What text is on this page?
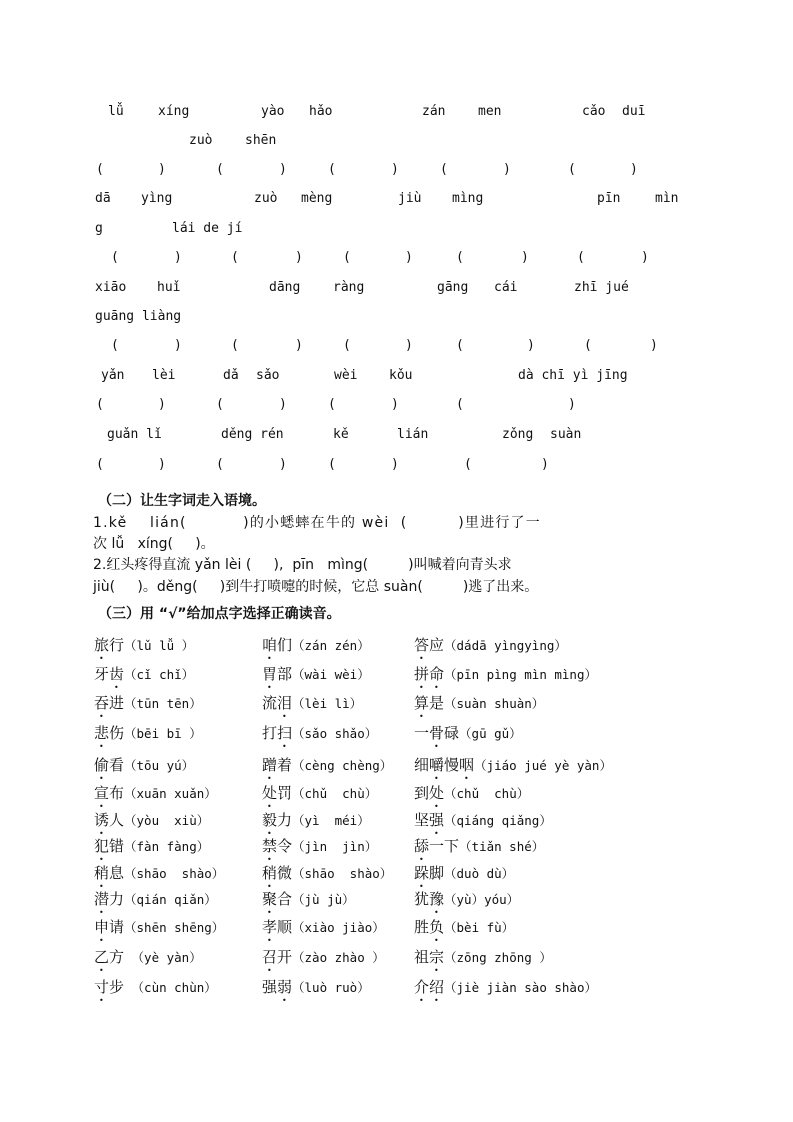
lǚ	xíng	yào hǎo	zán	men	cǎo duī
zuò	shēn
(	)	(	)	(	)	(	)	(	)
dā yìng	zuò mèng	jiù mìng	pīn	mìn
g	lái de jí
(	)	(	)	(	)	(	)	(	)
xiāo huǐ	dāng	ràng	gāng cái	zhī jué
guāng liàng
(	)	(	)	(	)	(	)	(	)
yǎn lèi	dǎ sǎo	wèi kǒu	dà chī yì jīng
(	)	(	)	(	)	(	)
guǎn lǐ	děng rén	kě	lián	zǒng suàn
(	)	(	)	(	)	(	)
（二）让生字词走入语境。
1.kě    lián(          )的小蟋蟀在牛的 wèi  (         )里进行了一
次 lǚ   xíng(     )。
2.红头疼得直流 yǎn lèi (     ),  pīn   mìng(         )叫喊着向青头求
jiù(     )。děng(     )到牛打喷嚏的时候，它总 suàn(         )逃了出来。
（三）用 “√”给加点字选择正确读音。
旅行（lǔ lǚ ）	咱们（zán zén）	答应（dádā yìngyìng）
牙齿（cǐ chǐ）	胃部（wài wèi）	拼命（pīn pìng mìn mìng）
吞进（tūn tēn）	流泪（lèi lì）	算是（suàn shuàn）
悲伤（bēi bī ）	打扫（sǎo shǎo） 一骨碌（gū gǔ）
偷看（tōu yú）	蹭着（cèng chèng） 细嚼慢咽（jiáo jué yè yàn）
宣布（xuān xuǎn）	处罚（chǔ  chù） 到处（chǔ  chù）
诱人（yòu  xiù）	毅力（yì  méi）	坚强（qiáng qiǎng）
犯错（fàn fàng）	禁令（jìn  jìn） 舔一下（tiǎn shé）
稍息（shāo  shào）	稍微（shāo  shào） 跺脚（duò dù）
潜力（qián qiǎn）	聚合（jù jù）	犹豫（yù）yóu）
申请（shēn shēng）	孝顺（xiào jiào） 胜负（bèi fù）
乙方 （yè yàn）	召开（zào zhào ） 祖宗（zōng zhōng ）
寸步 （cùn chùn）	强弱（luò ruò）	介绍（jiè jiàn sào shào）
